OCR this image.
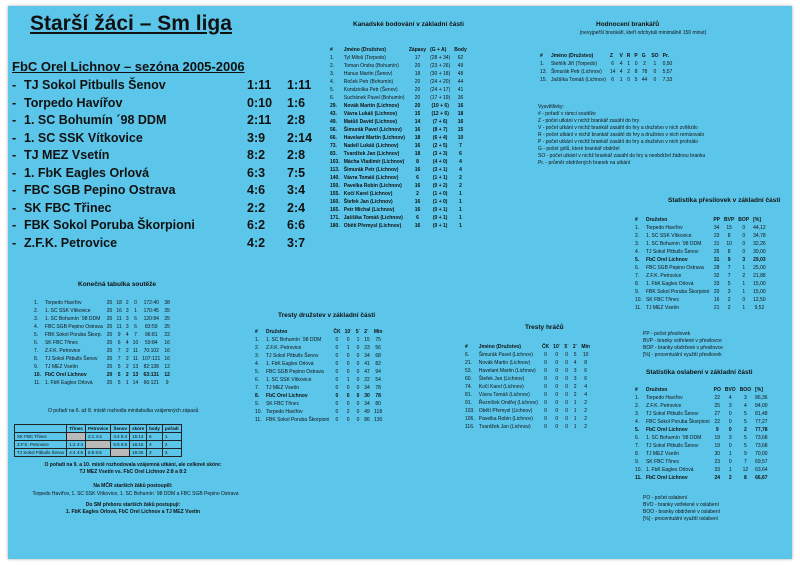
Starší žáci – Sm liga
FbC Orel Lichnov – sezóna 2005-2006
- TJ Sokol Pitbulls Šenov	1:11	1:11
- Torpedo Havířov	0:10	1:6
- 1. SC Bohumín ´98 DDM	2:11	2:8
- 1. SC SSK Vítkovice	3:9	2:14
- TJ MEZ Vsetín	8:2	2:8
- 1. FbK Eagles Orlová	6:3	7:5
- FBC SGB Pepino Ostrava	4:6	3:4
- SK FBC Třinec	2:2	2:4
- FBK Sokol Poruba Škorpioni	6:2	6:6
- Z.F.K. Petrovice	4:2	3:7
Konečná tabulka soutěže
1.	Torpedo Havířov	20	18	2	0	172:40	38
2.	1. SC SSK Vítkovice	20	16	3	1	170:45	35
3.	1. SC Bohumín ´98 DDM	20	11	3	6	120:84	25
4.	FBC SGB Pepino Ostrava	20	11	3	6	83:59	25
5.	FBK Sokol Poruba Škorp.	20	9	4	7	96:81	22
6.	SK FBC Třinec	20	6	4	10	59:84	16
7.	Z.F.K. Petrovice	20	7	2	11	70:102	16
8.	TJ Sokol Pitbulls Šenov	20	7	2	11	107:121	16
9.	TJ MEZ Vsetín	20	5	2	13	82:138	12
10.	FbC Orel Lichnov	20	5	2	13	63:131	12
11.	1. FbK Eagles Orlová	20	5	1	14	66:121	9
O pořadí na 6. až 8. místě rozhodla minitabulka vzájemných zápasů
	Třinec	Petrovice	Šenov	skóre	body	pořadí
SK FBC Třinec		2:1 4:4	4:4 5:4	15:13	6	1.
Z.F.K. Petrovice	1:2 4:4		5:5 6:5	16:16	4	2.
TJ Sokol Pitbulls Šenov	4:4 4:5	5:5 6:6		19:20	2	3.
O pořadí na 9. a 10. místě rozhodovala vzájemná utkání, ale celkově skóre:
TJ MEZ Vsetín vs. FbC Orel Lichnov 2:8 a 8:2
Na MČR starších žáků postoupili:
Torpedo Havířov, 1. SC SSK Vítkovice, 1. SC Bohumín ´98 DDM a FBC SGB Pepino Ostrava
Do SM přeboru starších žáků postupují:
1. FbK Eagles Orlová, FbC Orel Lichnov a TJ MEZ Vsetín
Kanadské bodování v základní části
#	Jméno (Družstvo)	Zápasy	(G + A)	Body
1.	Tyl Miloš (Torpedo)	17	(28 + 34)	62
2.	Toman Ondra (Bohumín)	20	(23 + 26)	49
3.	Hanus Martin (Šenov)	18	(30 + 18)	48
4.	Roček Petr (Bohumín)	20	(24 + 20)	44
5.	Kondziolka Petr (Šenov)	20	(24 + 17)	41
6.	Suchánek Pavel (Bohumín)	20	(17 + 19)	36
29.	Novák Martin (Lichnov)	20	(10 + 6)	16
43.	Vávra Lukáš (Lichnov)	15	(12 + 6)	18
49.	Matůš David (Lichnov)	14	(7 + 6)	16
56.	Šimurák Pavel (Lichnov)	16	(8 + 7)	15
66.	Havelant Martin (Lichnov)	18	(6 + 4)	10
73.	Nadell Lukáš (Lichnov)	16	(2 + 5)	7
83.	Tvardžek Jan (Lichnov)	18	(3 + 3)	6
103.	Mácha Vladimír (Lichnov)	8	(4 + 0)	4
113.	Šimurák Petr (Lichnov)	16	(3 + 1)	4
140.	Vávra Tomáš (Lichnov)	6	(1 + 1)	2
150.	Pavelka Robin (Lichnov)	16	(0 + 2)	2
155.	Kočí Karel (Lichnov)	2	(1 + 0)	1
160.	Štefek Jan (Lichnov)	16	(1 + 0)	1
165.	Petr Michal (Lichnov)	16	(0 + 1)	1
171.	Jaššíka Tomáš (Lichnov)	6	(0 + 1)	1
180.	Obětí Přemysl (Lichnov)	16	(0 + 1)	1
Tresty družstev v základní části
#	Družstvo	ČK	10´	5´	2´	Min
1.	1. SC Bohumín ´98 DDM	0	0	1	15	75
2.	Z.F.K. Petrovice	0	1	0	23	56
3.	TJ Sokol Pitbulls Šenov	0	0	0	34	68
4.	1. FbK Eagles Orlová	0	0	0	41	82
5.	FBC SGB Pepino Ostrava	0	0	0	47	94
6.	1. SC SSK Vítkovice	0	1	0	22	54
7.	TJ MEZ Vsetín	0	0	0	34	78
8.	FbC Orel Lichnov	0	0	0	30	78
9.	SK FBC Třinec	0	0	0	34	80
10.	Torpedo Havířov	0	2	0	49	118
11.	FBK Sokol Poruba Škorpioni	0	0	0	86	130
Tresty hráčů
#	Jméno (Družstvo)	ČK	10´	5´	2´	Min
6.	Šimurák Pavel (Lichnov)	0	0	0	5	10
21.	Novák Martin (Lichnov)	0	0	0	4	8
53.	Havelant Martin (Lichnov)	0	0	0	3	6
60.	Štefek Jan (Lichnov)	0	0	0	3	6
74.	Kočí Karel (Lichnov)	0	0	0	2	4
81.	Vávra Tomáš (Lichnov)	0	0	0	2	4
91.	Řezníček Ondřej (Lichnov)	0	0	0	1	2
103.	Obětí Přemysl (Lichnov)	0	0	0	1	2
106.	Pavelka Robin (Lichnov)	0	0	0	1	2
116.	Tvardžek Jan (Lichnov)	0	0	0	1	2
Hodnocení brankářů
(nevyjpeřší brankáři, kteří odchytali minimálně 150 minut)
#	Jméno (Družstvo)	Z	V	R	P	G	SO	Pr.
1.	Stehlík Jiří (Torpedo)	6	4	1	0	2	1	0,50
13.	Šimurák Petr (Lichnov)	14	4	2	8	78	0	5,57
15.	Jaššíka Tomáš (Lichnov)	6	1	0	5	44	0	7,33
Vysvětlivky:
# - pořadí v rámci soutěže
Z - počet utkání v nichž brankář zasáhl do hry
V - počet utkání v nichž brankář zasáhl do hry a družstvo v nich zvítězilo
R - počet utkání v nichž brankář zasáhl do hry a družstvo v nich remizovalo
P - počet utkání v nichž brankář zasáhl do hry a družstvo v nich prohrálo
G - počet gólů, které brankář obdržel
SO - počet utkání v nichž brankář zasáhl do hry a neobdržel žádnou branku
Pr. - průměr obdržených branek na utkání
Statistika přesilovek v základní části
#	Družstvo	PP	BVP	BOP	[%]
1.	Torpedo Havířov	34	15	0	44,12
2.	1. SC SSK Vítkovice	23	8	0	34,78
3.	1. SC Bohumín ´98 DDM	31	10	0	32,26
4.	TJ Sokol Pitbulls Šenov	26	8	0	30,00
5.	FbC Orel Lichnov	31	9	3	29,03
6.	FBC SGB Pepino Ostrava	28	7	1	25,00
7.	Z.F.K. Petrovice	32	7	2	21,88
8.	1. FbK Eagles Orlová	33	5	1	15,00
9.	FBK Sokol Poruba Škorpioni	20	3	1	15,00
10.	SK FBC Třinec	16	2	0	12,50
11.	TJ MEZ Vsetín	21	2	1	9,52
PP - počet přesilovek
BVP - branky vstřelené v přesilovce
BOP - branky obdržené v přesilovce
[%] - procentuální využití přesilovek
Statistika oslabení v základní části
#	Družstvo	PO	BVO	BOO	[%]
1.	Torpedo Havířov	22	4	3	86,36
2.	Z.F.K. Petrovice	25	3	4	84,00
3.	TJ Sokol Pitbulls Šenov	27	0	5	81,48
4.	FBC Sokol Poruba Škorpioni	22	0	5	77,27
5.	FbC Orel Lichnov	9	0	2	77,78
6.	1. SC Bohumín ´98 DDM	19	3	5	73,68
7.	TJ Sokol Pitbulls Šenov	19	0	5	73,68
8.	TJ MEZ Vsetín	30	1	9	70,00
9.	SK FBC Třinec	23	0	7	69,57
10.	1. FbK Eagles Orlová	33	1	12	63,64
11.	FbC Orel Lichnov	24	2	8	66,67
PO - počet oslabení
BVO - branky vstřelené v oslabení
BOO - branky obdržené v oslabení
[%] - procentuální využití oslabení
